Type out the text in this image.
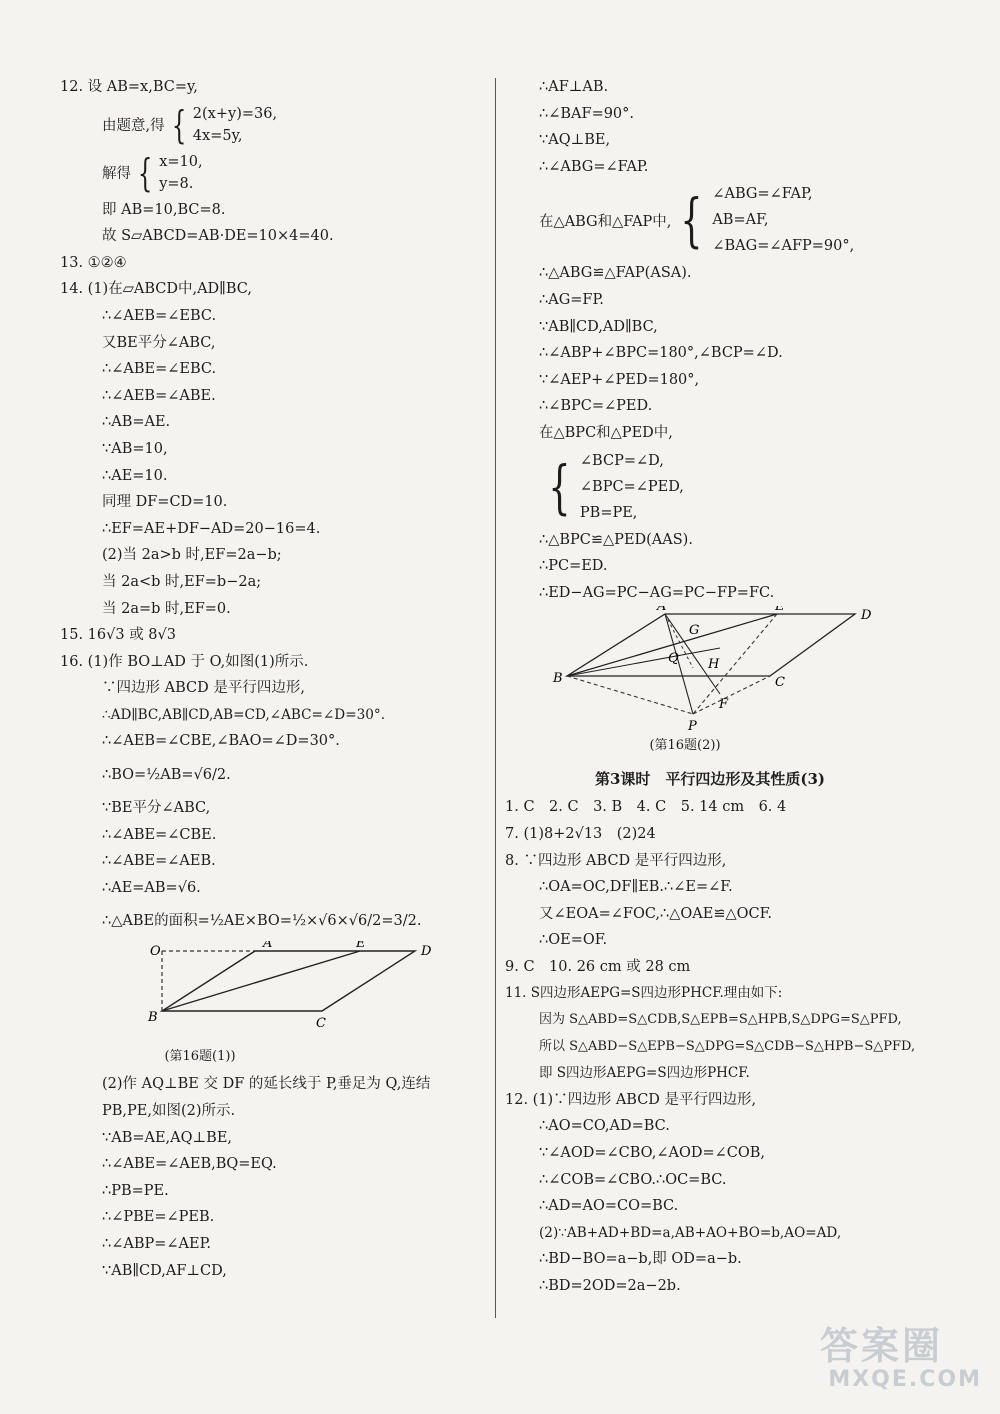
12. 设 AB=x,BC=y,
由题意,得 { 2(x+y)=36,
4x=5y,
解得 { x=10,
y=8.
即 AB=10,BC=8.
故 S▱ABCD=AB·DE=10×4=40.
13. ①②④
14. (1)在▱ABCD中,AD∥BC,
∴∠AEB=∠EBC.
又BE平分∠ABC,
∴∠ABE=∠EBC.
∴∠AEB=∠ABE.
∴AB=AE.
∵AB=10,
∴AE=10.
同理 DF=CD=10.
∴EF=AE+DF−AD=20−16=4.
(2)当 2a>b 时,EF=2a−b;
当 2a<b 时,EF=b−2a;
当 2a=b 时,EF=0.
15. 16√3 或 8√3
16. (1)作 BO⊥AD 于 O,如图(1)所示.
∵四边形 ABCD 是平行四边形,
∴AD∥BC,AB∥CD,AB=CD,∠ABC=∠D=30°.
∴∠AEB=∠CBE,∠BAO=∠D=30°.
∴BO=½AB=√6/2.
∵BE平分∠ABC,
∴∠ABE=∠CBE.
∴∠ABE=∠AEB.
∴AE=AB=√6.
∴△ABE的面积=½AE×BO=½×√6×√6/2=3/2.
O
A	E
D
B	C
(第16题(1))
(2)作 AQ⊥BE 交 DF 的延长线于 P,垂足为 Q,连结
PB,PE,如图(2)所示.
∵AB=AE,AQ⊥BE,
∴∠ABE=∠AEB,BQ=EQ.
∴PB=PE.
∴∠PBE=∠PEB.
∴∠ABP=∠AEP.
∵AB∥CD,AF⊥CD,
∴AF⊥AB.
∴∠BAF=90°.
∵AQ⊥BE,
∴∠ABG=∠FAP.
在△ABG和△FAP中, { ∠ABG=∠FAP,
AB=AF,
∠BAG=∠AFP=90°,
∴△ABG≌△FAP(ASA).
∴AG=FP.
∵AB∥CD,AD∥BC,
∴∠ABP+∠BPC=180°,∠BCP=∠D.
∵∠AEP+∠PED=180°,
∴∠BPC=∠PED.
在△BPC和△PED中,
{ ∠BCP=∠D,
∠BPC=∠PED,
PB=PE,
∴△BPC≌△PED(AAS).
∴PC=ED.
∴ED−AG=PC−AG=PC−FP=FC.
A	E
D
G
Q H
B	C
F
P
(第16题(2))
第3课时　平行四边形及其性质(3)
1. C　2. C　3. B　4. C　5. 14 cm　6. 4
7. (1)8+2√13　(2)24
8. ∵四边形 ABCD 是平行四边形,
∴OA=OC,DF∥EB.∴∠E=∠F.
又∠EOA=∠FOC,∴△OAE≌△OCF.
∴OE=OF.
9. C　10. 26 cm 或 28 cm
11. S四边形AEPG=S四边形PHCF.理由如下:
因为 S△ABD=S△CDB,S△EPB=S△HPB,S△DPG=S△PFD,
所以 S△ABD−S△EPB−S△DPG=S△CDB−S△HPB−S△PFD,
即 S四边形AEPG=S四边形PHCF.
12. (1)∵四边形 ABCD 是平行四边形,
∴AO=CO,AD=BC.
∵∠AOD=∠CBO,∠AOD=∠COB,
∴∠COB=∠CBO.∴OC=BC.
∴AD=AO=CO=BC.
(2)∵AB+AD+BD=a,AB+AO+BO=b,AO=AD,
∴BD−BO=a−b,即 OD=a−b.
∴BD=2OD=2a−2b.
答案圈
MXQE.COM
